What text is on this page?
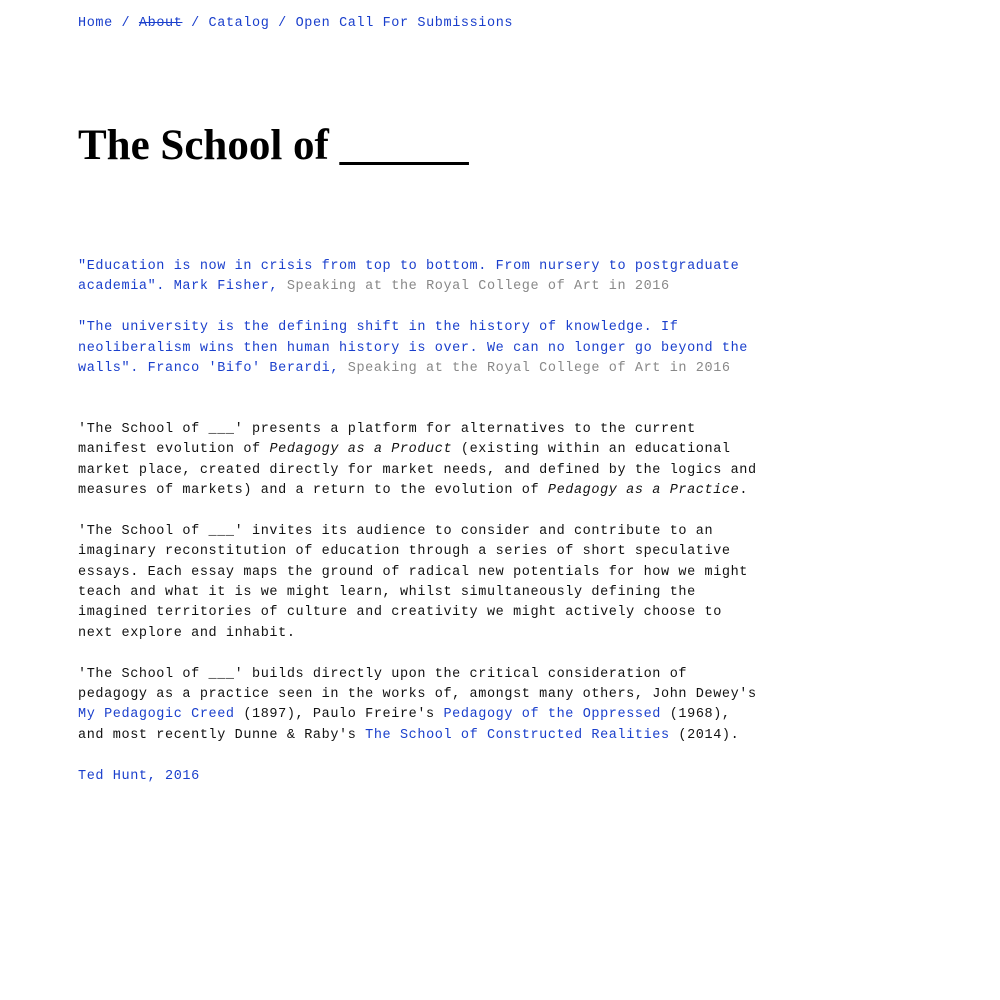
Home / About / Catalog / Open Call For Submissions
The School of ______

"Education is now in crisis from top to bottom. From nursery to postgraduate academia". Mark Fisher, Speaking at the Royal College of Art in 2016

"The university is the defining shift in the history of knowledge. If neoliberalism wins then human history is over. We can no longer go beyond the walls". Franco 'Bifo' Berardi, Speaking at the Royal College of Art in 2016

'The School of ___' presents a platform for alternatives to the current manifest evolution of Pedagogy as a Product (existing within an educational market place, created directly for market needs, and defined by the logics and measures of markets) and a return to the evolution of Pedagogy as a Practice.

'The School of ___' invites its audience to consider and contribute to an imaginary reconstitution of education through a series of short speculative essays. Each essay maps the ground of radical new potentials for how we might teach and what it is we might learn, whilst simultaneously defining the imagined territories of culture and creativity we might actively choose to next explore and inhabit.

'The School of ___' builds directly upon the critical consideration of pedagogy as a practice seen in the works of, amongst many others, John Dewey's My Pedagogic Creed (1897), Paulo Freire's Pedagogy of the Oppressed (1968), and most recently Dunne & Raby's The School of Constructed Realities (2014).

Ted Hunt, 2016
